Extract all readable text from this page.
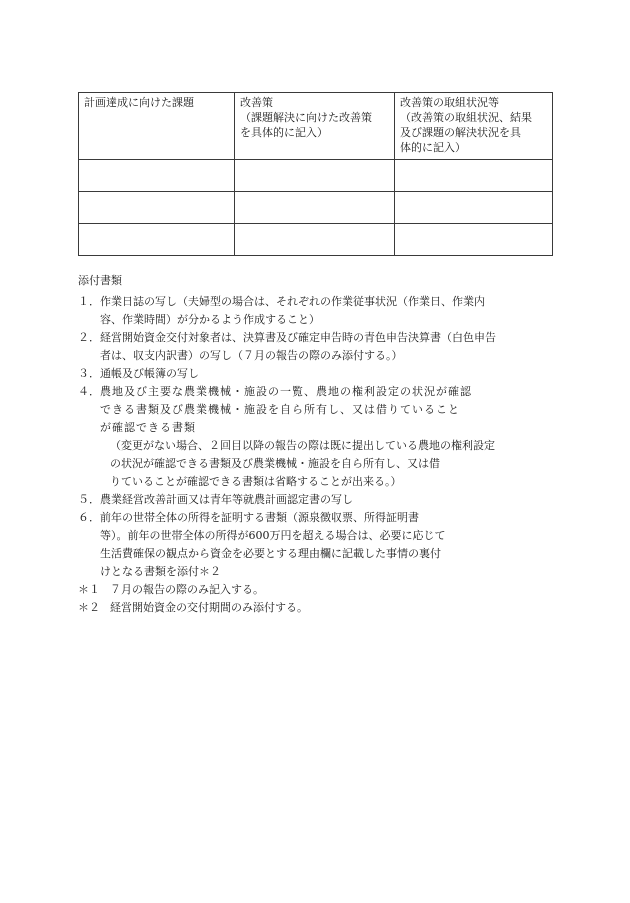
計画達成に向けた課題	改善策
（課題解決に向けた改善策
を具体的に記入）	改善策の取組状況等
（改善策の取組状況、結果
及び課題の解決状況を具
体的に記入）

添付書類
１． 作業日誌の写し（夫婦型の場合は、それぞれの作業従事状況（作業日、作業内
容、作業時間）が分かるよう作成すること）
２． 経営開始資金交付対象者は、決算書及び確定申告時の青色申告決算書（白色申告
者は、収支内訳書）の写し（７月の報告の際のみ添付する。）
３． 通帳及び帳簿の写し
４． 農地及び主要な農業機械・施設の一覧、農地の権利設定の状況が確認
できる書類及び農業機械・施設を自ら所有し、又は借りていること
が確認できる書類
（変更がない場合、２回目以降の報告の際は既に提出している農地の権利設定
の状況が確認できる書類及び農業機械・施設を自ら所有し、又は借
りていることが確認できる書類は省略することが出来る。）
５． 農業経営改善計画又は青年等就農計画認定書の写し
６． 前年の世帯全体の所得を証明する書類（源泉徴収票、所得証明書
等）。前年の世帯全体の所得が600万円を超える場合は、必要に応じて
生活費確保の観点から資金を必要とする理由欄に記載した事情の裏付
けとなる書類を添付＊２
＊１ ７月の報告の際のみ記入する。
＊２ 経営開始資金の交付期間のみ添付する。
